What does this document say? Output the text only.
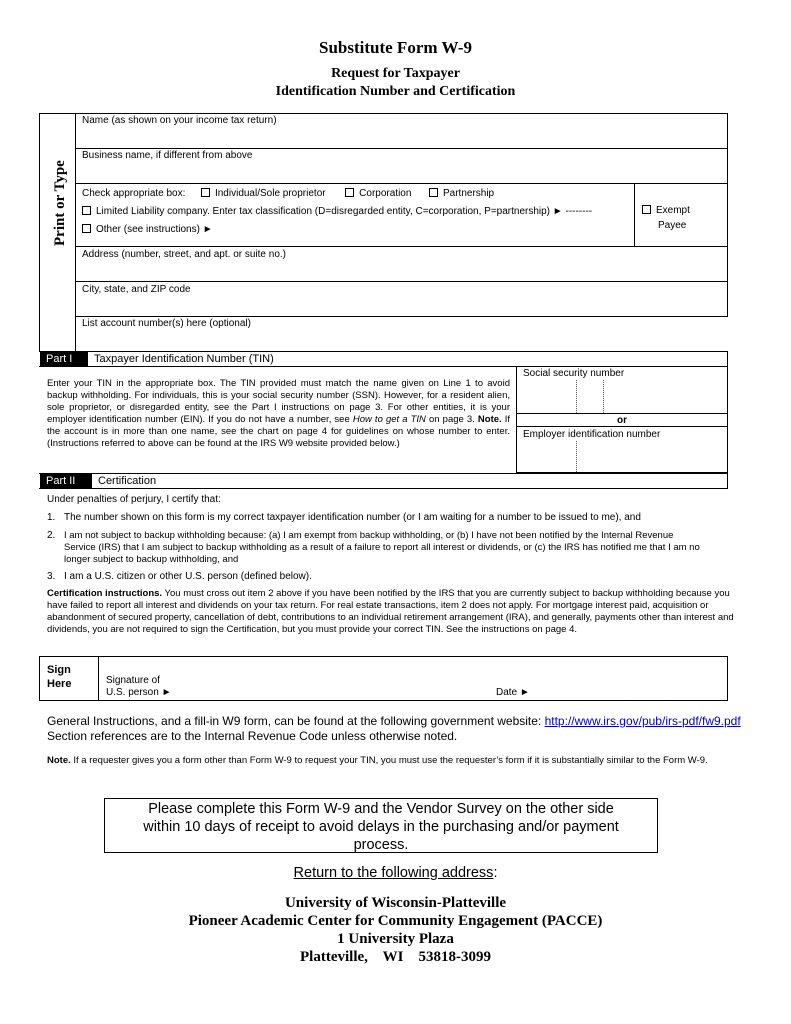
Substitute Form W-9
Request for Taxpayer
Identification Number and Certification
Print or Type
Name (as shown on your income tax return)
Business name, if different from above
Check appropriate box:	Individual/Sole proprietor	Corporation	Partnership
Limited Liability company. Enter tax classification (D=disregarded entity, C=corporation, P=partnership) ► --------
Other (see instructions) ►
Exempt
Payee
Address (number, street, and apt. or suite no.)
City, state, and ZIP code
List account number(s) here (optional)
Part I	Taxpayer Identification Number (TIN)
Social security number
or
Employer identification number
Enter your TIN in the appropriate box. The TIN provided must match the name given on Line 1 to avoid backup withholding. For individuals, this is your social security number (SSN). However, for a resident alien, sole proprietor, or disregarded entity, see the Part I instructions on page 3. For other entities, it is your employer identification number (EIN). If you do not have a number, see How to get a TIN on page 3. Note. If the account is in more than one name, see the chart on page 4 for guidelines on whose number to enter. (Instructions referred to above can be found at the IRS W9 website provided below.)
Part II	Certification
Under penalties of perjury, I certify that:
1. The number shown on this form is my correct taxpayer identification number (or I am waiting for a number to be issued to me), and
2. I am not subject to backup withholding because: (a) I am exempt from backup withholding, or (b) I have not been notified by the Internal Revenue Service (IRS) that I am subject to backup withholding as a result of a failure to report all interest or dividends, or (c) the IRS has notified me that I am no longer subject to backup withholding, and
3. I am a U.S. citizen or other U.S. person (defined below).
Certification instructions. You must cross out item 2 above if you have been notified by the IRS that you are currently subject to backup withholding because you have failed to report all interest and dividends on your tax return. For real estate transactions, item 2 does not apply. For mortgage interest paid, acquisition or abandonment of secured property, cancellation of debt, contributions to an individual retirement arrangement (IRA), and generally, payments other than interest and dividends, you are not required to sign the Certification, but you must provide your correct TIN. See the instructions on page 4.
Sign
Here	Signature of
U.S. person ►	Date ►
General Instructions, and a fill-in W9 form, can be found at the following government website: http://www.irs.gov/pub/irs-pdf/fw9.pdf Section references are to the Internal Revenue Code unless otherwise noted.
Note. If a requester gives you a form other than Form W-9 to request your TIN, you must use the requester’s form if it is substantially similar to the Form W-9.
Please complete this Form W-9 and the Vendor Survey on the other side
within 10 days of receipt to avoid delays in the purchasing and/or payment
process.
Return to the following address:
University of Wisconsin-Platteville
Pioneer Academic Center for Community Engagement (PACCE)
1 University Plaza
Platteville,    WI    53818-3099
